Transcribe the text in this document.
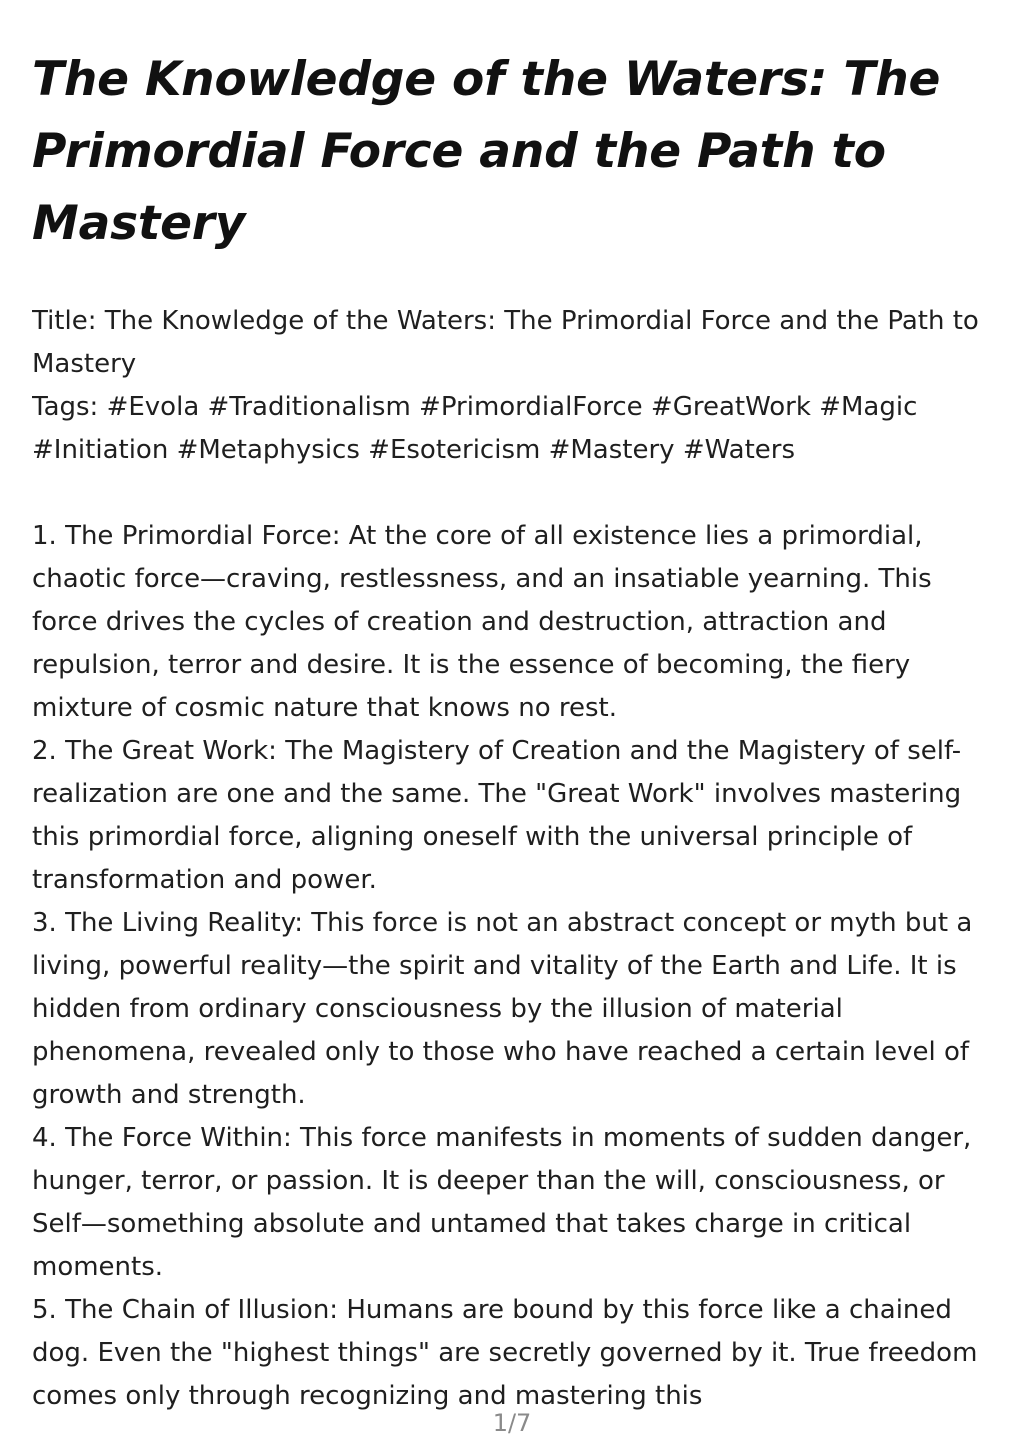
The Knowledge of the Waters: The Primordial Force and the Path to Mastery
Title: The Knowledge of the Waters: The Primordial Force and the Path to Mastery
Tags: #Evola #Traditionalism #PrimordialForce #GreatWork #Magic #Initiation #Metaphysics #Esotericism #Mastery #Waters
1. The Primordial Force: At the core of all existence lies a primordial, chaotic force—craving, restlessness, and an insatiable yearning. This force drives the cycles of creation and destruction, attraction and repulsion, terror and desire. It is the essence of becoming, the fiery mixture of cosmic nature that knows no rest.
2. The Great Work: The Magistery of Creation and the Magistery of self-realization are one and the same. The "Great Work" involves mastering this primordial force, aligning oneself with the universal principle of transformation and power.
3. The Living Reality: This force is not an abstract concept or myth but a living, powerful reality—the spirit and vitality of the Earth and Life. It is hidden from ordinary consciousness by the illusion of material phenomena, revealed only to those who have reached a certain level of growth and strength.
4. The Force Within: This force manifests in moments of sudden danger, hunger, terror, or passion. It is deeper than the will, consciousness, or Self—something absolute and untamed that takes charge in critical moments.
5. The Chain of Illusion: Humans are bound by this force like a chained dog. Even the "highest things" are secretly governed by it. True freedom comes only through recognizing and mastering this
1/7
